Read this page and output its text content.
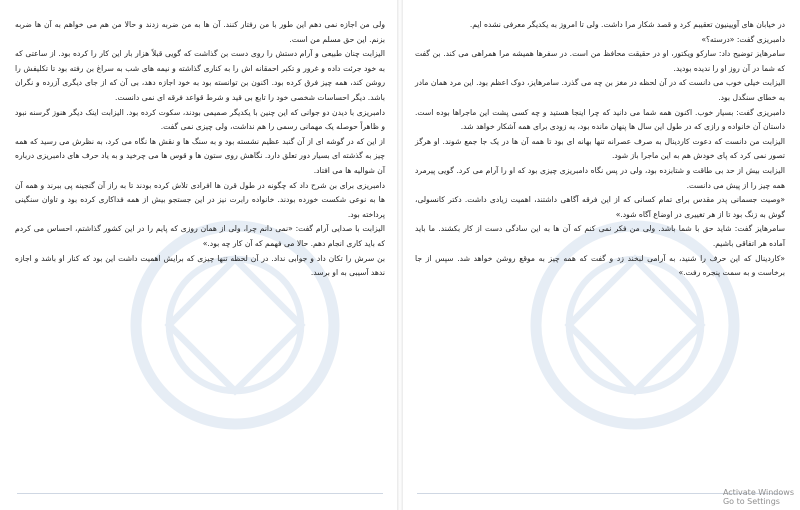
ولی من اجازه نمی دهم این طور با من رفتار کنند. آن ها به من ضربه زدند و حالا من هم می خواهم به آن ها ضربه بزنم. این حق مسلم من است.

الیزابت چنان طبیعی و آرام دستش را روی دست بن گذاشت که گویی قبلاً هزار بار این کار را کرده بود. از ساعتی که به خود جرئت داده و غرور و تکبر احمقانه اش را به کناری گذاشته و نیمه های شب به سراغ بن رفته بود تا تکلیفش را روشن کند، همه چیز فرق کرده بود. اکنون بن توانسته بود به خود اجازه دهد، بی آن که از جای دیگری آزرده و نگران باشد. دیگر احساسات شخصی خود را تابع بی قید و شرط قواعد فرقه ای نمی دانست.

دامبریزی با دیدن دو جوانی که این چنین با یکدیگر صمیمی بودند، سکوت کرده بود. الیزابت اینک دیگر هنوز گرسنه نبود و ظاهراً حوصله یک مهمانی رسمی را هم نداشت، ولی چیزی نمی گفت.

از این که در گوشه ای از آن گنبد عظیم نشسته بود و به سنگ ها و نقش ها نگاه می کرد، به نظرش می رسید که همه چیز به گذشته ای بسیار دور تعلق دارد. نگاهش روی ستون ها و قوس ها می چرخید و به یاد حرف های دامبریزی درباره آن شوالیه ها می افتاد.

دامبریزی برای بن شرح داد که چگونه در طول قرن ها افرادی تلاش کرده بودند تا به راز آن گنجینه پی ببرند و همه آن ها به نوعی شکست خورده بودند. خانواده رابرت نیز در این جستجو بیش از همه فداکاری کرده بود و تاوان سنگینی پرداخته بود.

الیزابت با صدایی آرام گفت: «نمی دانم چرا، ولی از همان روزی که پایم را در این کشور گذاشتم، احساس می کردم که باید کاری انجام دهم. حالا می فهمم که آن کار چه بود.»

بن سرش را تکان داد و جوابی نداد. در آن لحظه تنها چیزی که برایش اهمیت داشت این بود که کنار او باشد و اجازه ندهد آسیبی به او برسد.

در خیابان های آویینیون تعقیبم کرد و قصد شکار مرا داشت. ولی تا امروز به یکدیگر معرفی نشده ایم.

دامبریزی گفت: «درسته؟»

سامرهایز توضیح داد: سارکو ویکتور، او در حقیقت محافظ من است. در سفرها همیشه مرا همراهی می کند. بن گفت که شما در آن روز او را ندیده بودید.

الیزابت خیلی خوب می دانست که در آن لحظه در مغز بن چه می گذرد. سامرهایز، دوک اعظم بود. این مرد همان مادر به خطای سنگدل بود.

دامبریزی گفت: بسیار خوب. اکنون همه شما می دانید که چرا اینجا هستید و چه کسی پشت این ماجراها بوده است. داستان آن خانواده و رازی که در طول این سال ها پنهان مانده بود، به زودی برای همه آشکار خواهد شد.

الیزابت من دانست که دعوت کاردینال به صرف عصرانه تنها بهانه ای بود تا همه آن ها در یک جا جمع شوند. او هرگز تصور نمی کرد که پای خودش هم به این ماجرا باز شود.

الیزابت بیش از حد بی طاقت و شتابزده بود، ولی در پس نگاه دامبریزی چیزی بود که او را آرام می کرد. گویی پیرمرد همه چیز را از پیش می دانست.

«وصیت جسمانی پدر مقدس برای تمام کسانی که از این فرقه آگاهی داشتند، اهمیت زیادی داشت. دکتر کانسولی، گوش به زنگ بود تا از هر تغییری در اوضاع آگاه شود.»

سامرهایز گفت: شاید حق با شما باشد. ولی من فکر نمی کنم که آن ها به این سادگی دست از کار بکشند. ما باید آماده هر اتفاقی باشیم.

«کاردینال که این حرف را شنید، به آرامی لبخند زد و گفت که همه چیز به موقع روشن خواهد شد. سپس از جا برخاست و به سمت پنجره رفت.»

Activate Windows
Go to Settings
